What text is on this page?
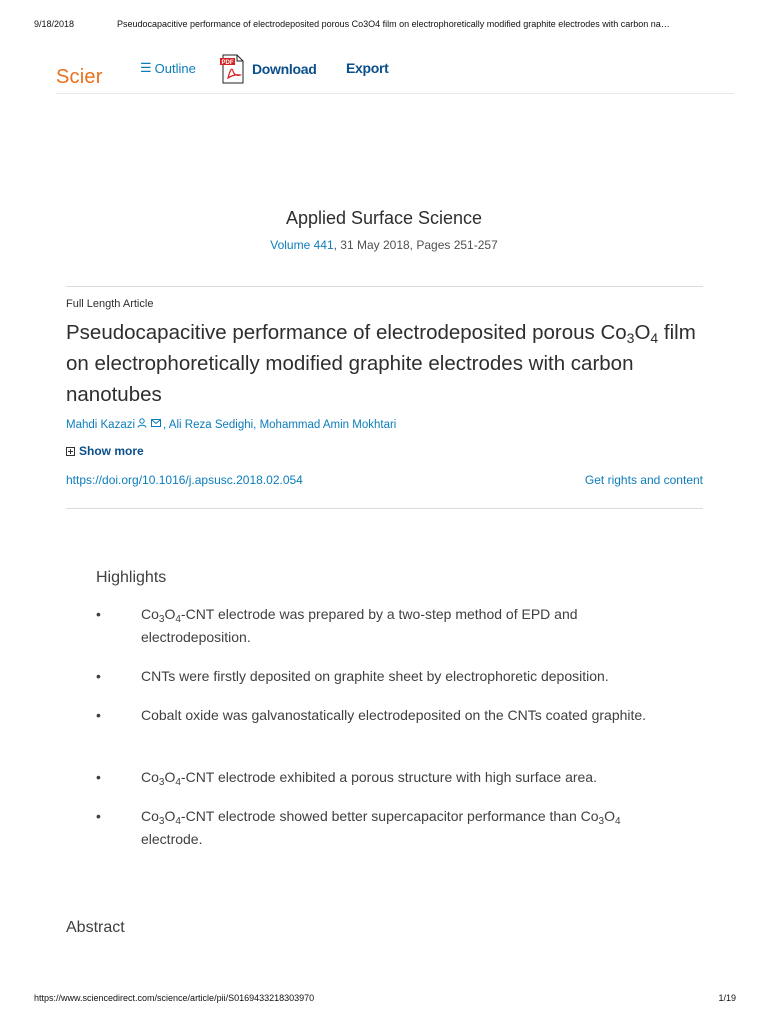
9/18/2018	Pseudocapacitive performance of electrodeposited porous Co3O4 film on electrophoretically modified graphite electrodes with carbon na…
Scier	☰ Outline	PDF Download Export
Applied Surface Science
Volume 441, 31 May 2018, Pages 251-257
Full Length Article
Pseudocapacitive performance of electrodeposited porous $Co_3O_4$ film on electrophoretically modified graphite electrodes with carbon nanotubes
Mahdi Kazazi , Ali Reza Sedighi, Mohammad Amin Mokhtari
Show more
https://doi.org/10.1016/j.apsusc.2018.02.054	Get rights and content
Highlights
•	$Co_3O_4$-CNT electrode was prepared by a two-step method of EPD and electrodeposition.
•	CNTs were firstly deposited on graphite sheet by electrophoretic deposition.
•	Cobalt oxide was galvanostatically electrodeposited on the CNTs coated graphite.
•	$Co_3O_4$-CNT electrode exhibited a porous structure with high surface area.
•	$Co_3O_4$-CNT electrode showed better supercapacitor performance than $Co_3O_4$ electrode.
Abstract
https://www.sciencedirect.com/science/article/pii/S0169433218303970	1/19
